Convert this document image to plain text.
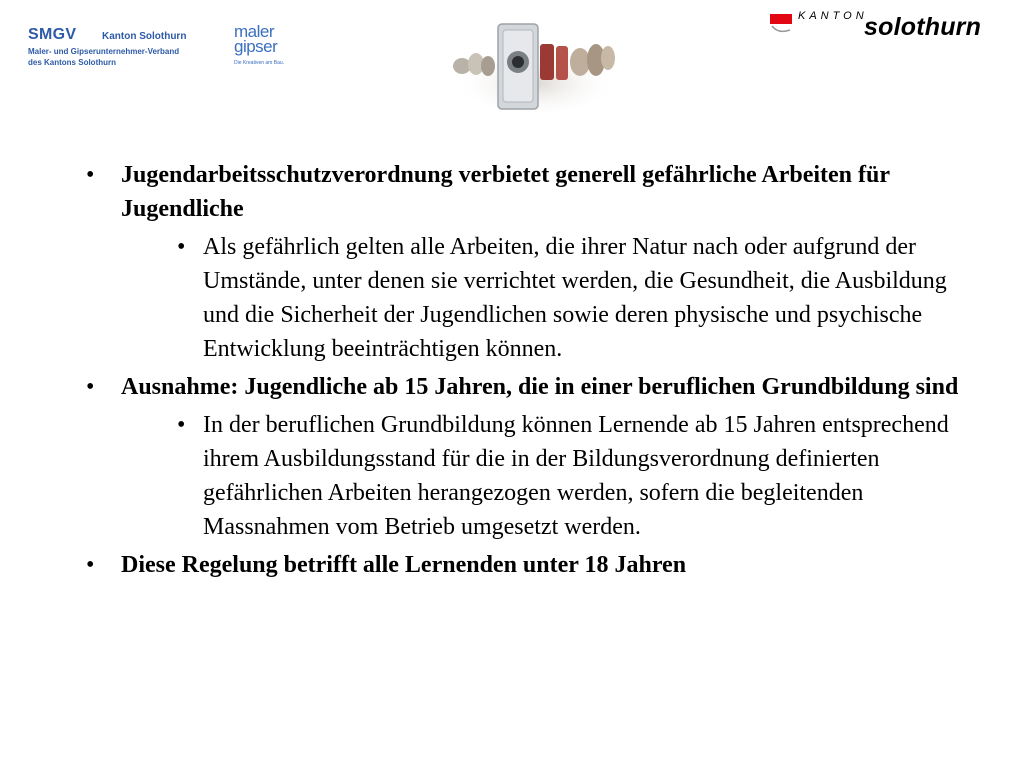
SMGV	Kanton Solothurn
Maler- und Gipserunternehmer-Verband
des Kantons Solothurn
maler
gipser
Die Kreativen am Bau.
KANTON
solothurn
•	Jugendarbeitsschutzverordnung verbietet generell gefährliche Arbeiten für Jugendliche
• Als gefährlich gelten alle Arbeiten, die ihrer Natur nach oder aufgrund der Umstände, unter denen sie verrichtet werden, die Gesundheit, die Ausbildung und die Sicherheit der Jugendlichen sowie deren physische und psychische Entwicklung beeinträchtigen können.
•	Ausnahme: Jugendliche ab 15 Jahren, die in einer beruflichen Grundbildung sind
• In der beruflichen Grundbildung können Lernende ab 15 Jahren entsprechend ihrem Ausbildungsstand für die in der Bildungsverordnung definierten gefährlichen Arbeiten herangezogen werden, sofern die begleitenden Massnahmen vom Betrieb umgesetzt werden.
•	Diese Regelung betrifft alle Lernenden unter 18 Jahren
